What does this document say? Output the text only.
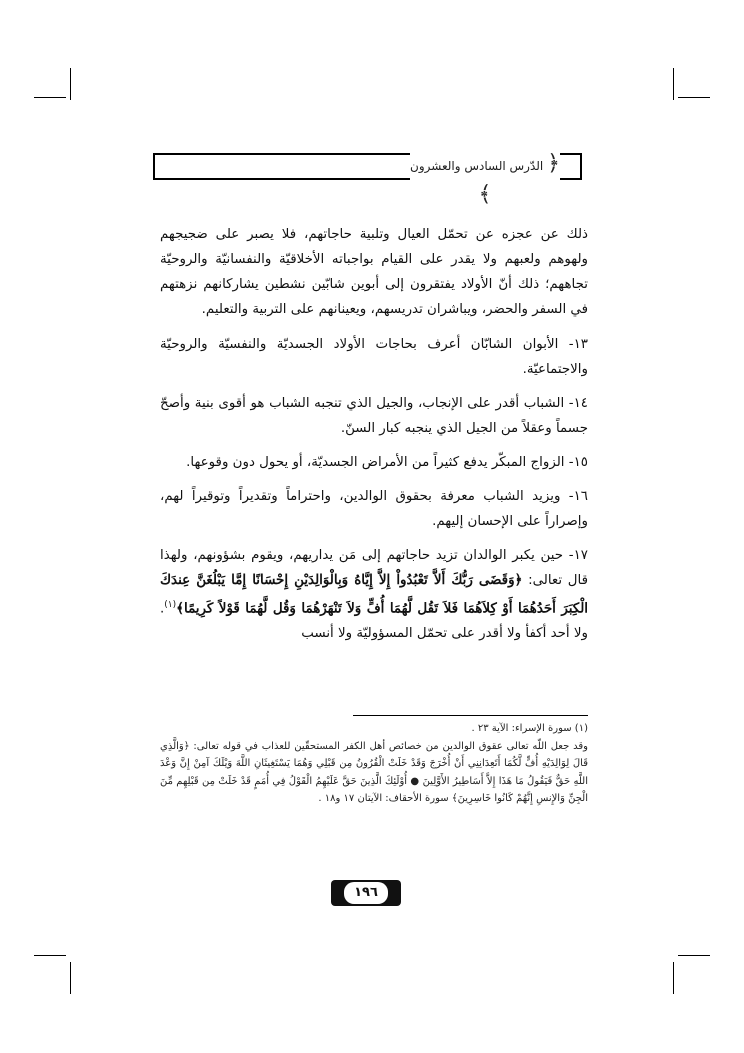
﴿ الدّرس السادس والعشرون ﴾

ذلك عن عجزه عن تحمّل العيال وتلبية حاجاتهم، فلا يصبر على ضجيجهم ولهوهم ولعبهم ولا يقدر على القيام بواجباته الأخلاقيّة والنفسانيّة والروحيّة تجاههم؛ ذلك أنّ الأولاد يفتقرون إلى أبوين شابّين نشطين يشاركانهم نزهتهم في السفر والحضر، ويباشران تدريسهم، ويعينانهم على التربية والتعليم.

١٣- الأبوان الشابّان أعرف بحاجات الأولاد الجسديّة والنفسيّة والروحيّة والاجتماعيّة.

١٤- الشباب أقدر على الإنجاب، والجيل الذي تنجبه الشباب هو أقوى بنية وأصحّ جسماً وعقلاً من الجيل الذي ينجبه كبار السنّ.

١٥- الزواج المبكّر يدفع كثيراً من الأمراض الجسديّة، أو يحول دون وقوعها.

١٦- ويزيد الشباب معرفة بحقوق الوالدين، واحتراماً وتقديراً وتوقيراً لهم، وإصراراً على الإحسان إليهم.

١٧- حين يكبر الوالدان تزيد حاجاتهم إلى مَن يداريهم، ويقوم بشؤونهم، ولهذا قال تعالى: ﴿وَقَضَى رَبُّكَ أَلاَّ تَعْبُدُواْ إِلاَّ إِيَّاهُ وَبِالْوَالِدَيْنِ إِحْسَانًا إِمَّا يَبْلُغَنَّ عِندَكَ الْكِبَرَ أَحَدُهُمَا أَوْ كِلاَهُمَا فَلاَ تَقُل لَّهُمَا أُفٍّ وَلاَ تَنْهَرْهُمَا وَقُل لَّهُمَا قَوْلاً كَرِيمًا﴾$^{(١)}$. ولا أحد أكفأ ولا أقدر على تحمّل المسؤوليّة ولا أنسب

(١) سورة الإسراء: الآية ٢٣ .

وقد جعل اللّه تعالى عقوق الوالدين من خصائص أهل الكفر المستحقّين للعذاب في قوله تعالى: ﴿وَالَّذِي قَالَ لِوَالِدَيْهِ أُفٍّ لَّكُمَا أَتَعِدَانِنِي أَنْ أُخْرَجَ وَقَدْ خَلَتْ الْقُرُونُ مِن قَبْلِي وَهُمَا يَسْتَغِيثَانِ اللَّهَ وَيْلَكَ آمِنْ إِنَّ وَعْدَ اللَّهِ حَقٌّ فَيَقُولُ مَا هَذَا إِلاَّ أَسَاطِيرُ الأَوَّلِينَ ● أُوْلَئِكَ الَّذِينَ حَقَّ عَلَيْهِمُ الْقَوْلُ فِي أُمَمٍ قَدْ خَلَتْ مِن قَبْلِهِم مِّنَ الْجِنِّ وَالإِنسِ إِنَّهُمْ كَانُوا خَاسِرِينَ﴾ سورة الأحقاف: الآيتان ١٧ و١٨ .

١٩٦
